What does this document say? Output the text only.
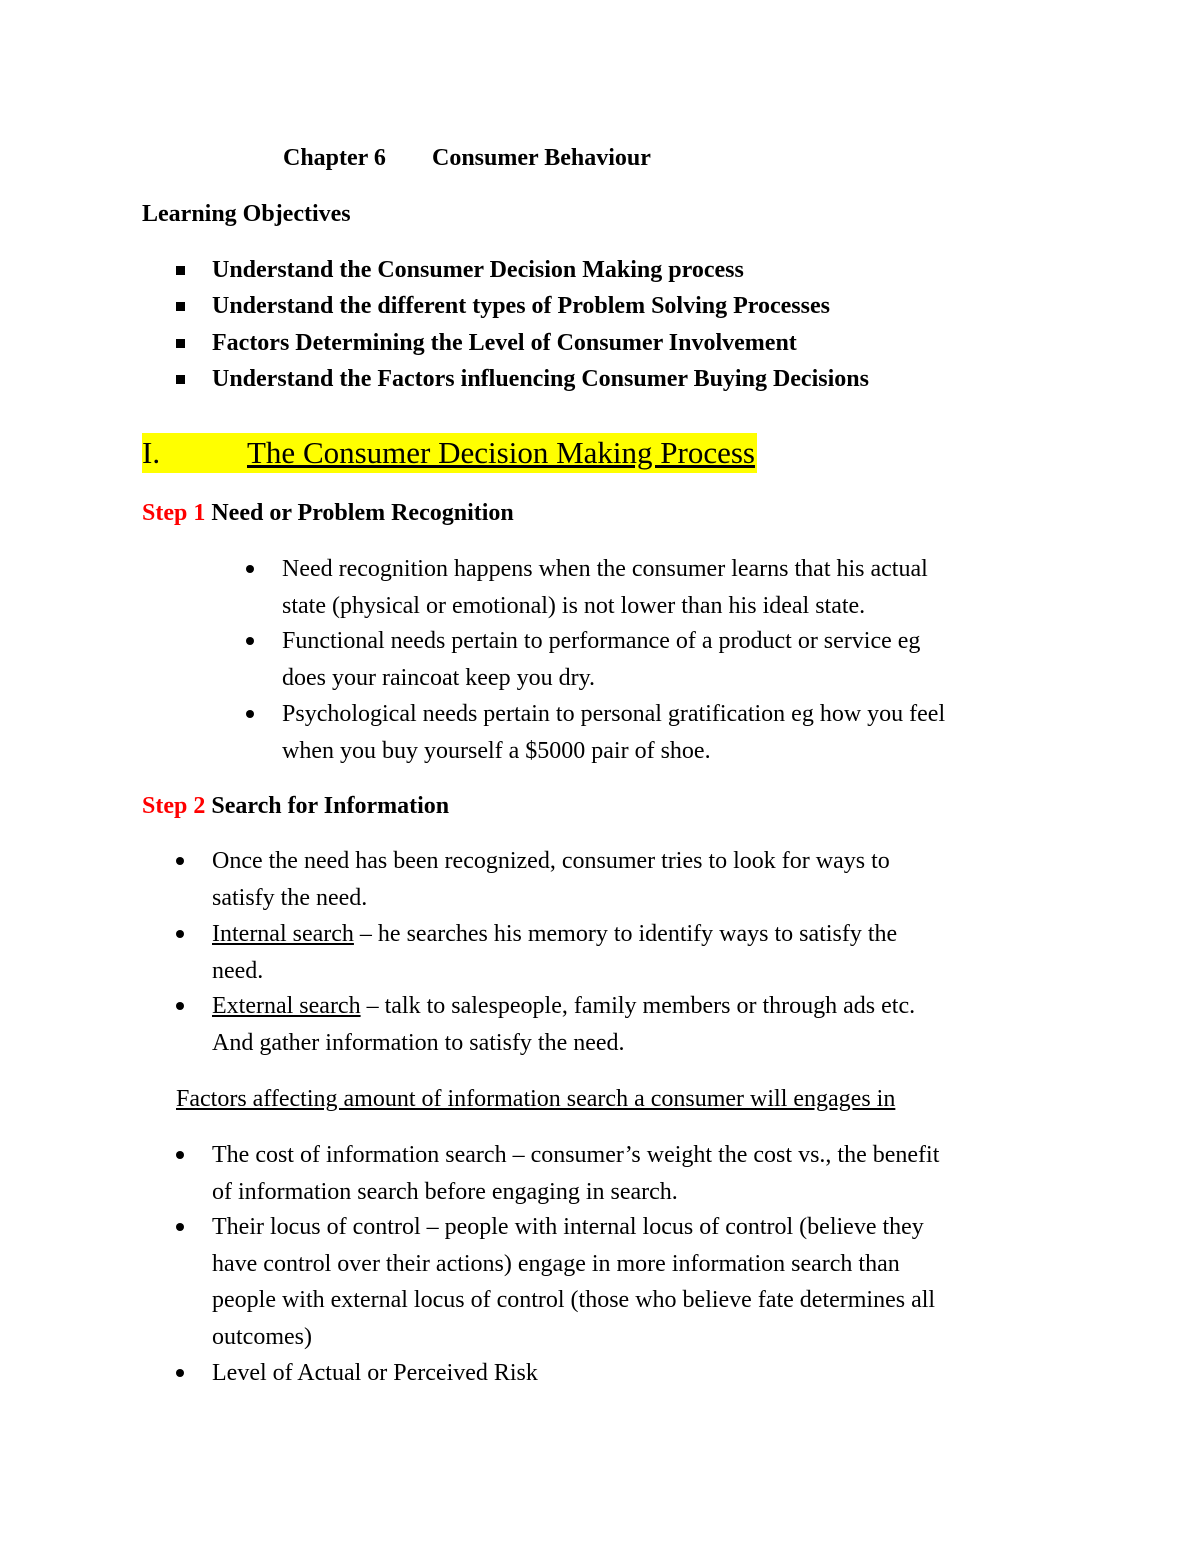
Chapter 6 Consumer Behaviour
Learning Objectives
Understand the Consumer Decision Making process
Understand the different types of Problem Solving Processes
Factors Determining the Level of Consumer Involvement
Understand the Factors influencing Consumer Buying Decisions
I.	The Consumer Decision Making Process
Step 1 Need or Problem Recognition
Need recognition happens when the consumer learns that his actual
state (physical or emotional) is not lower than his ideal state.
Functional needs pertain to performance of a product or service eg
does your raincoat keep you dry.
Psychological needs pertain to personal gratification eg how you feel
when you buy yourself a $5000 pair of shoe.
Step 2 Search for Information
Once the need has been recognized, consumer tries to look for ways to
satisfy the need.
Internal search – he searches his memory to identify ways to satisfy the
need.
External search – talk to salespeople, family members or through ads etc.
And gather information to satisfy the need.
Factors affecting amount of information search a consumer will engages in
The cost of information search – consumer’s weight the cost vs., the benefit
of information search before engaging in search.
Their locus of control – people with internal locus of control (believe they
have control over their actions) engage in more information search than
people with external locus of control (those who believe fate determines all
outcomes)
Level of Actual or Perceived Risk
